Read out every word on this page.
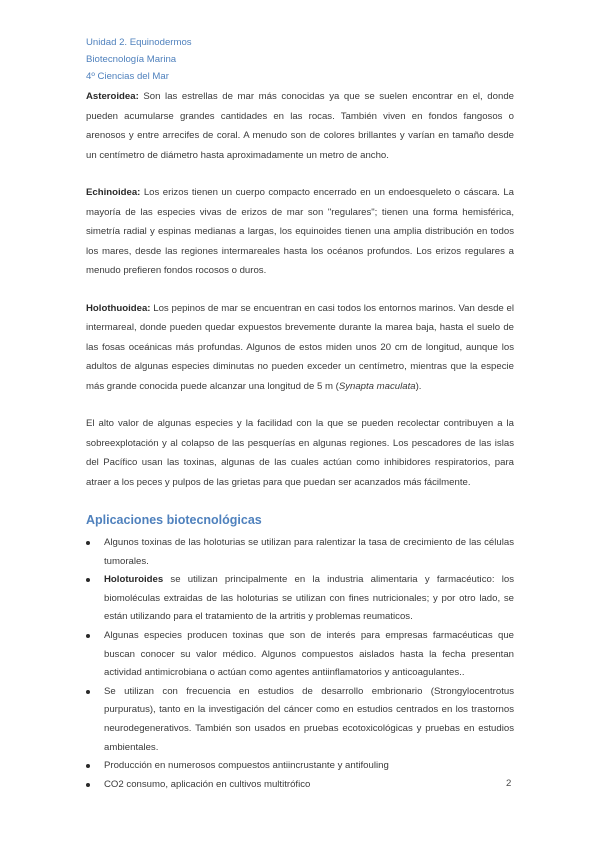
Unidad 2. Equinodermos
Biotecnología Marina
4º Ciencias del Mar

Asteroidea: Son las estrellas de mar más conocidas ya que se suelen encontrar en el, donde pueden acumularse grandes cantidades en las rocas. También viven en fondos fangosos o arenosos y entre arrecifes de coral. A menudo son de colores brillantes y varían en tamaño desde un centímetro de diámetro hasta aproximadamente un metro de ancho.

Echinoidea: Los erizos tienen un cuerpo compacto encerrado en un endoesqueleto o cáscara. La mayoría de las especies vivas de erizos de mar son "regulares"; tienen una forma hemisférica, simetría radial y espinas medianas a largas, los equinoides tienen una amplia distribución en todos los mares, desde las regiones intermareales hasta los océanos profundos. Los erizos regulares a menudo prefieren fondos rocosos o duros.

Holothuoidea: Los pepinos de mar se encuentran en casi todos los entornos marinos. Van desde el intermareal, donde pueden quedar expuestos brevemente durante la marea baja, hasta el suelo de las fosas oceánicas más profundas. Algunos de estos miden unos 20 cm de longitud, aunque los adultos de algunas especies diminutas no pueden exceder un centímetro, mientras que la especie más grande conocida puede alcanzar una longitud de 5 m (Synapta maculata).

El alto valor de algunas especies y la facilidad con la que se pueden recolectar contribuyen a la sobreexplotación y al colapso de las pesquerías en algunas regiones. Los pescadores de las islas del Pacífico usan las toxinas, algunas de las cuales actúan como inhibidores respiratorios, para atraer a los peces y pulpos de las grietas para que puedan ser acanzados más fácilmente.

Aplicaciones biotecnológicas
Algunos toxinas de las holoturias se utilizan para ralentizar la tasa de crecimiento de las células tumorales.
Holoturoides se utilizan principalmente en la industria alimentaria y farmacéutico: los biomoléculas extraidas de las holoturias se utilizan con fines nutricionales; y por otro lado, se están utilizando para el tratamiento de la artritis y problemas reumaticos.
Algunas especies producen toxinas que son de interés para empresas farmacéuticas que buscan conocer su valor médico. Algunos compuestos aislados hasta la fecha presentan actividad antimicrobiana o actúan como agentes antiinflamatorios y anticoagulantes..
Se utilizan con frecuencia en estudios de desarrollo embrionario (Strongylocentrotus purpuratus), tanto en la investigación del cáncer como en estudios centrados en los trastornos neurodegenerativos. También son usados en pruebas ecotoxicológicas y pruebas en estudios ambientales.
Producción en numerosos compuestos antiincrustante y antifouling
CO2 consumo, aplicación en cultivos multitrófico	2
